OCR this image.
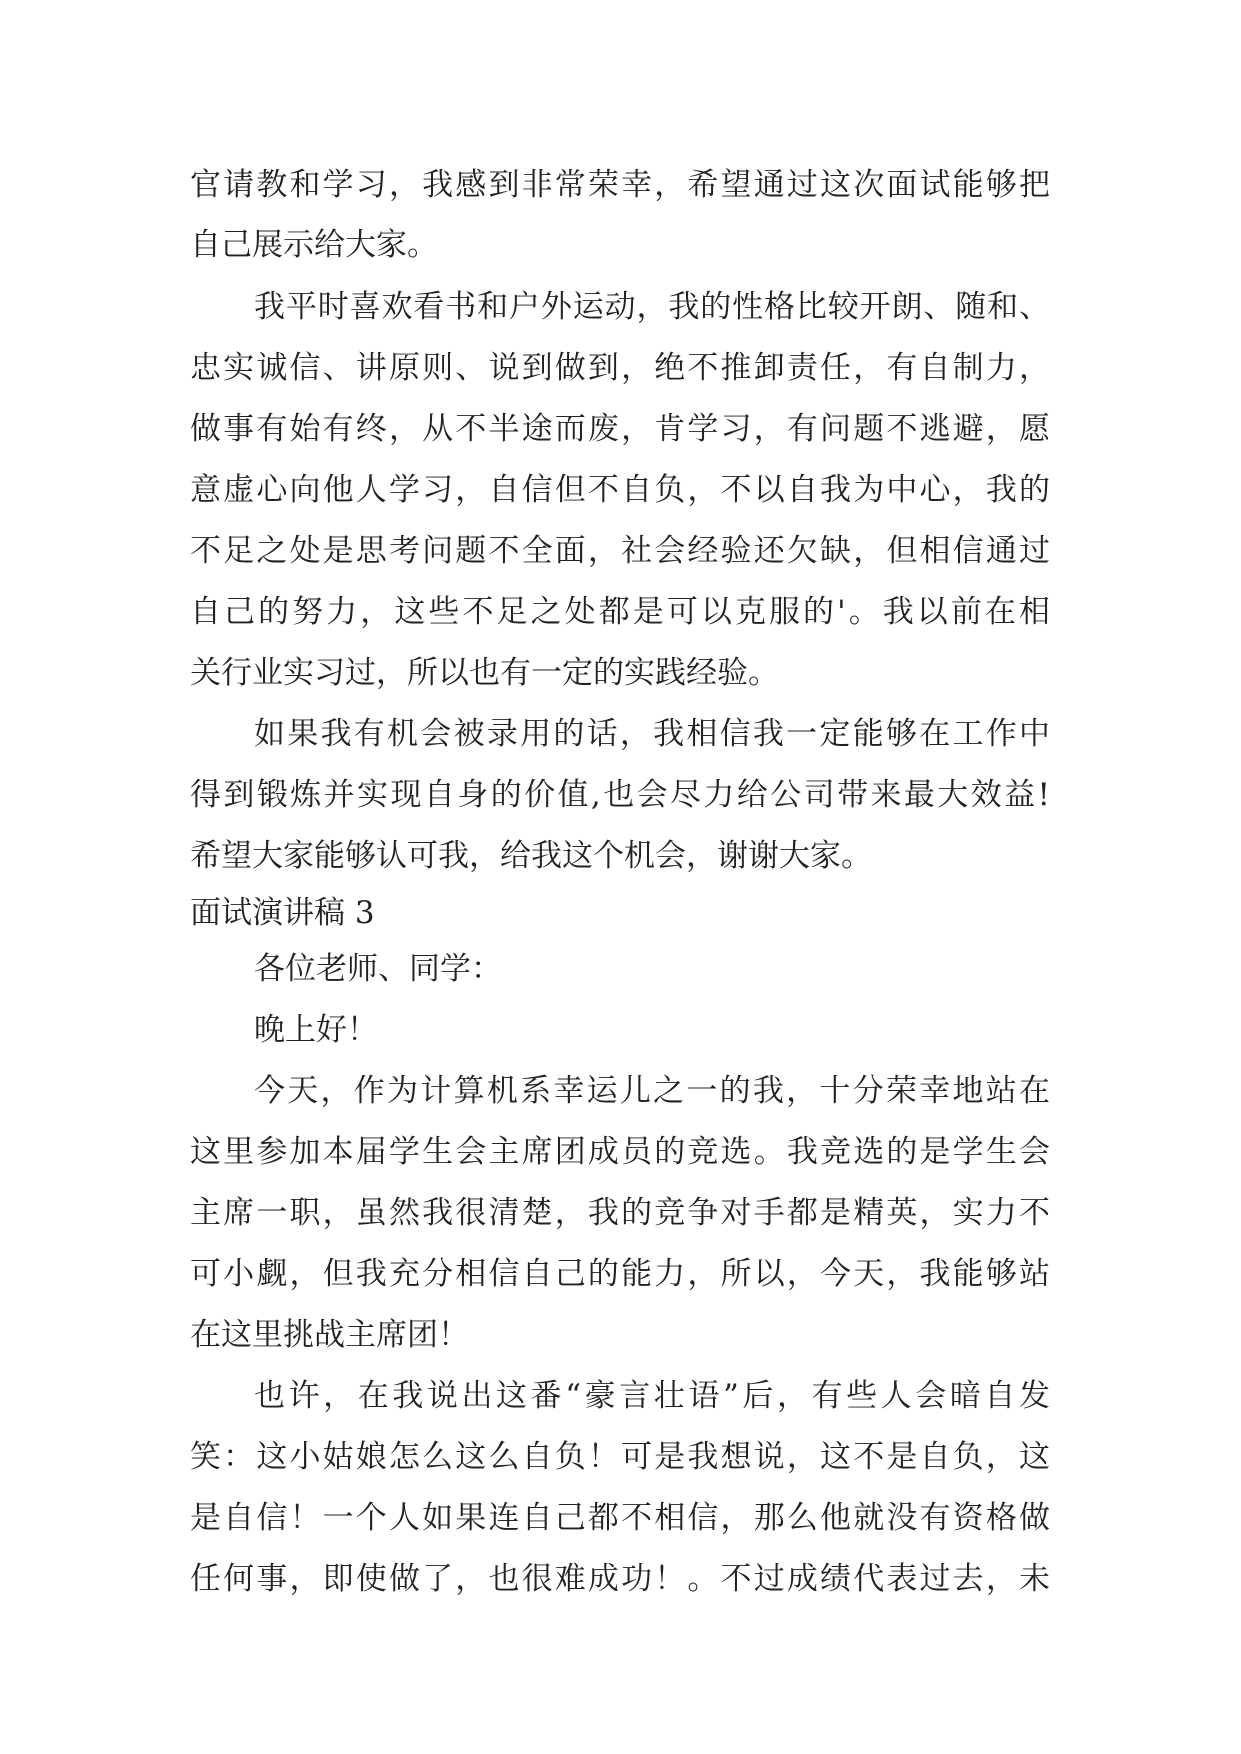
官请教和学习，我感到非常荣幸，希望通过这次面试能够把
自己展示给大家。
我平时喜欢看书和户外运动，我的性格比较开朗、随和、
忠实诚信、讲原则、说到做到，绝不推卸责任，有自制力，
做事有始有终，从不半途而废，肯学习，有问题不逃避，愿
意虚心向他人学习，自信但不自负，不以自我为中心，我的
不足之处是思考问题不全面，社会经验还欠缺，但相信通过
自己的努力，这些不足之处都是可以克服的'。我以前在相
关行业实习过，所以也有一定的实践经验。
如果我有机会被录用的话，我相信我一定能够在工作中
得到锻炼并实现自身的价值,也会尽力给公司带来最大效益!
希望大家能够认可我，给我这个机会，谢谢大家。
面试演讲稿 3
各位老师、同学：
晚上好！
今天，作为计算机系幸运儿之一的我，十分荣幸地站在
这里参加本届学生会主席团成员的竞选。我竞选的是学生会
主席一职，虽然我很清楚，我的竞争对手都是精英，实力不
可小觑，但我充分相信自己的能力，所以，今天，我能够站
在这里挑战主席团！
也许，在我说出这番“豪言壮语”后，有些人会暗自发
笑：这小姑娘怎么这么自负！可是我想说，这不是自负，这
是自信！一个人如果连自己都不相信，那么他就没有资格做
任何事，即使做了，也很难成功！。不过成绩代表过去，未
